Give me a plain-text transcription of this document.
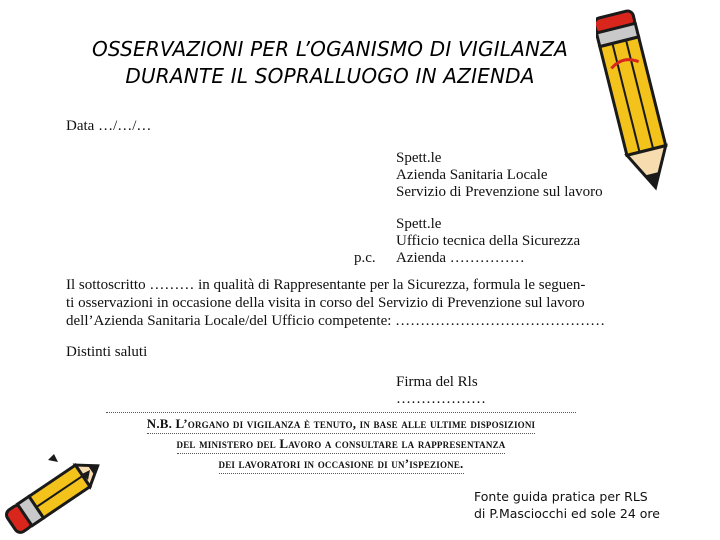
OSSERVAZIONI PER L’OGANISMO DI VIGILANZA
DURANTE IL SOPRALLUOGO IN AZIENDA
Data …/…/…
Spett.le
Azienda Sanitaria Locale
Servizio di Prevenzione sul lavoro
Spett.le
Ufficio tecnica della Sicurezza
Azienda ……………
p.c.
Il sottoscritto ……… in qualità di Rappresentante per la Sicurezza, formula le seguen-
ti osservazioni in occasione della visita in corso del Servizio di Prevenzione sul lavoro
dell’Azienda Sanitaria Locale/del Ufficio competente: ……………………………………
Distinti saluti
Firma del Rls
………………
N.B. L’organo di vigilanza è tenuto, in base alle ultime disposizioni
del ministero del Lavoro a consultare la rappresentanza
dei lavoratori in occasione di un’ispezione.
Fonte guida pratica per RLS
di P.Masciocchi ed sole 24 ore
